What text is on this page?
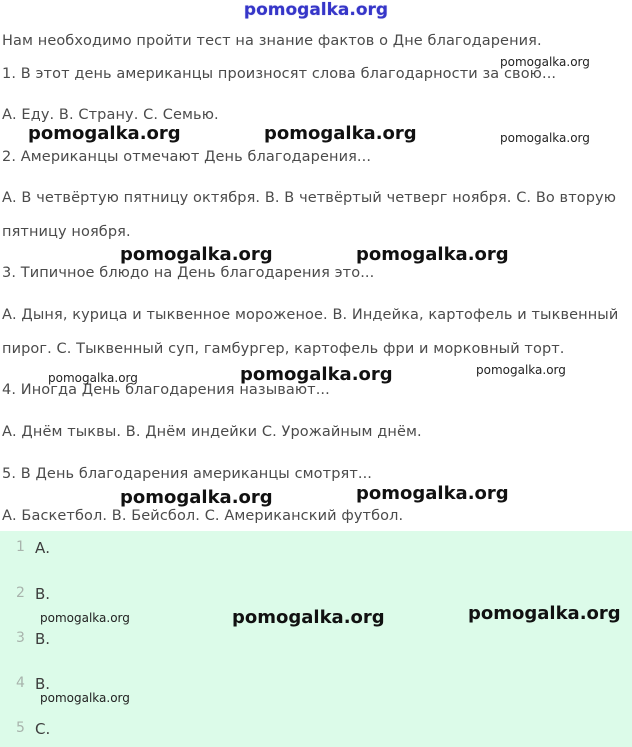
pomogalka.org
Нам необходимо пройти тест на знание фактов о Дне благодарения.
1. В этот день американцы произносят слова благодарности за свою...
А. Еду. В. Страну. С. Семью.
2. Американцы отмечают День благодарения...
А. В четвёртую пятницу октября. В. В четвёртый четверг ноября. С. Во вторую
пятницу ноября.
3. Типичное блюдо на День благодарения это...
А. Дыня, курица и тыквенное мороженое. В. Индейка, картофель и тыквенный
пирог. С. Тыквенный суп, гамбургер, картофель фри и морковный торт.
4. Иногда День благодарения называют...
А. Днём тыквы. В. Днём индейки С. Урожайным днём.
5. В День благодарения американцы смотрят...
А. Баскетбол. В. Бейсбол. С. Американский футбол.
1 А.
2 В.
3 В.
4 В.
5 С.
pomogalka.org
pomogalka.org	pomogalka.org	pomogalka.org
pomogalka.org	pomogalka.org
pomogalka.org	pomogalka.org	pomogalka.org
pomogalka.org	pomogalka.org
pomogalka.org	pomogalka.org	pomogalka.org
pomogalka.org
